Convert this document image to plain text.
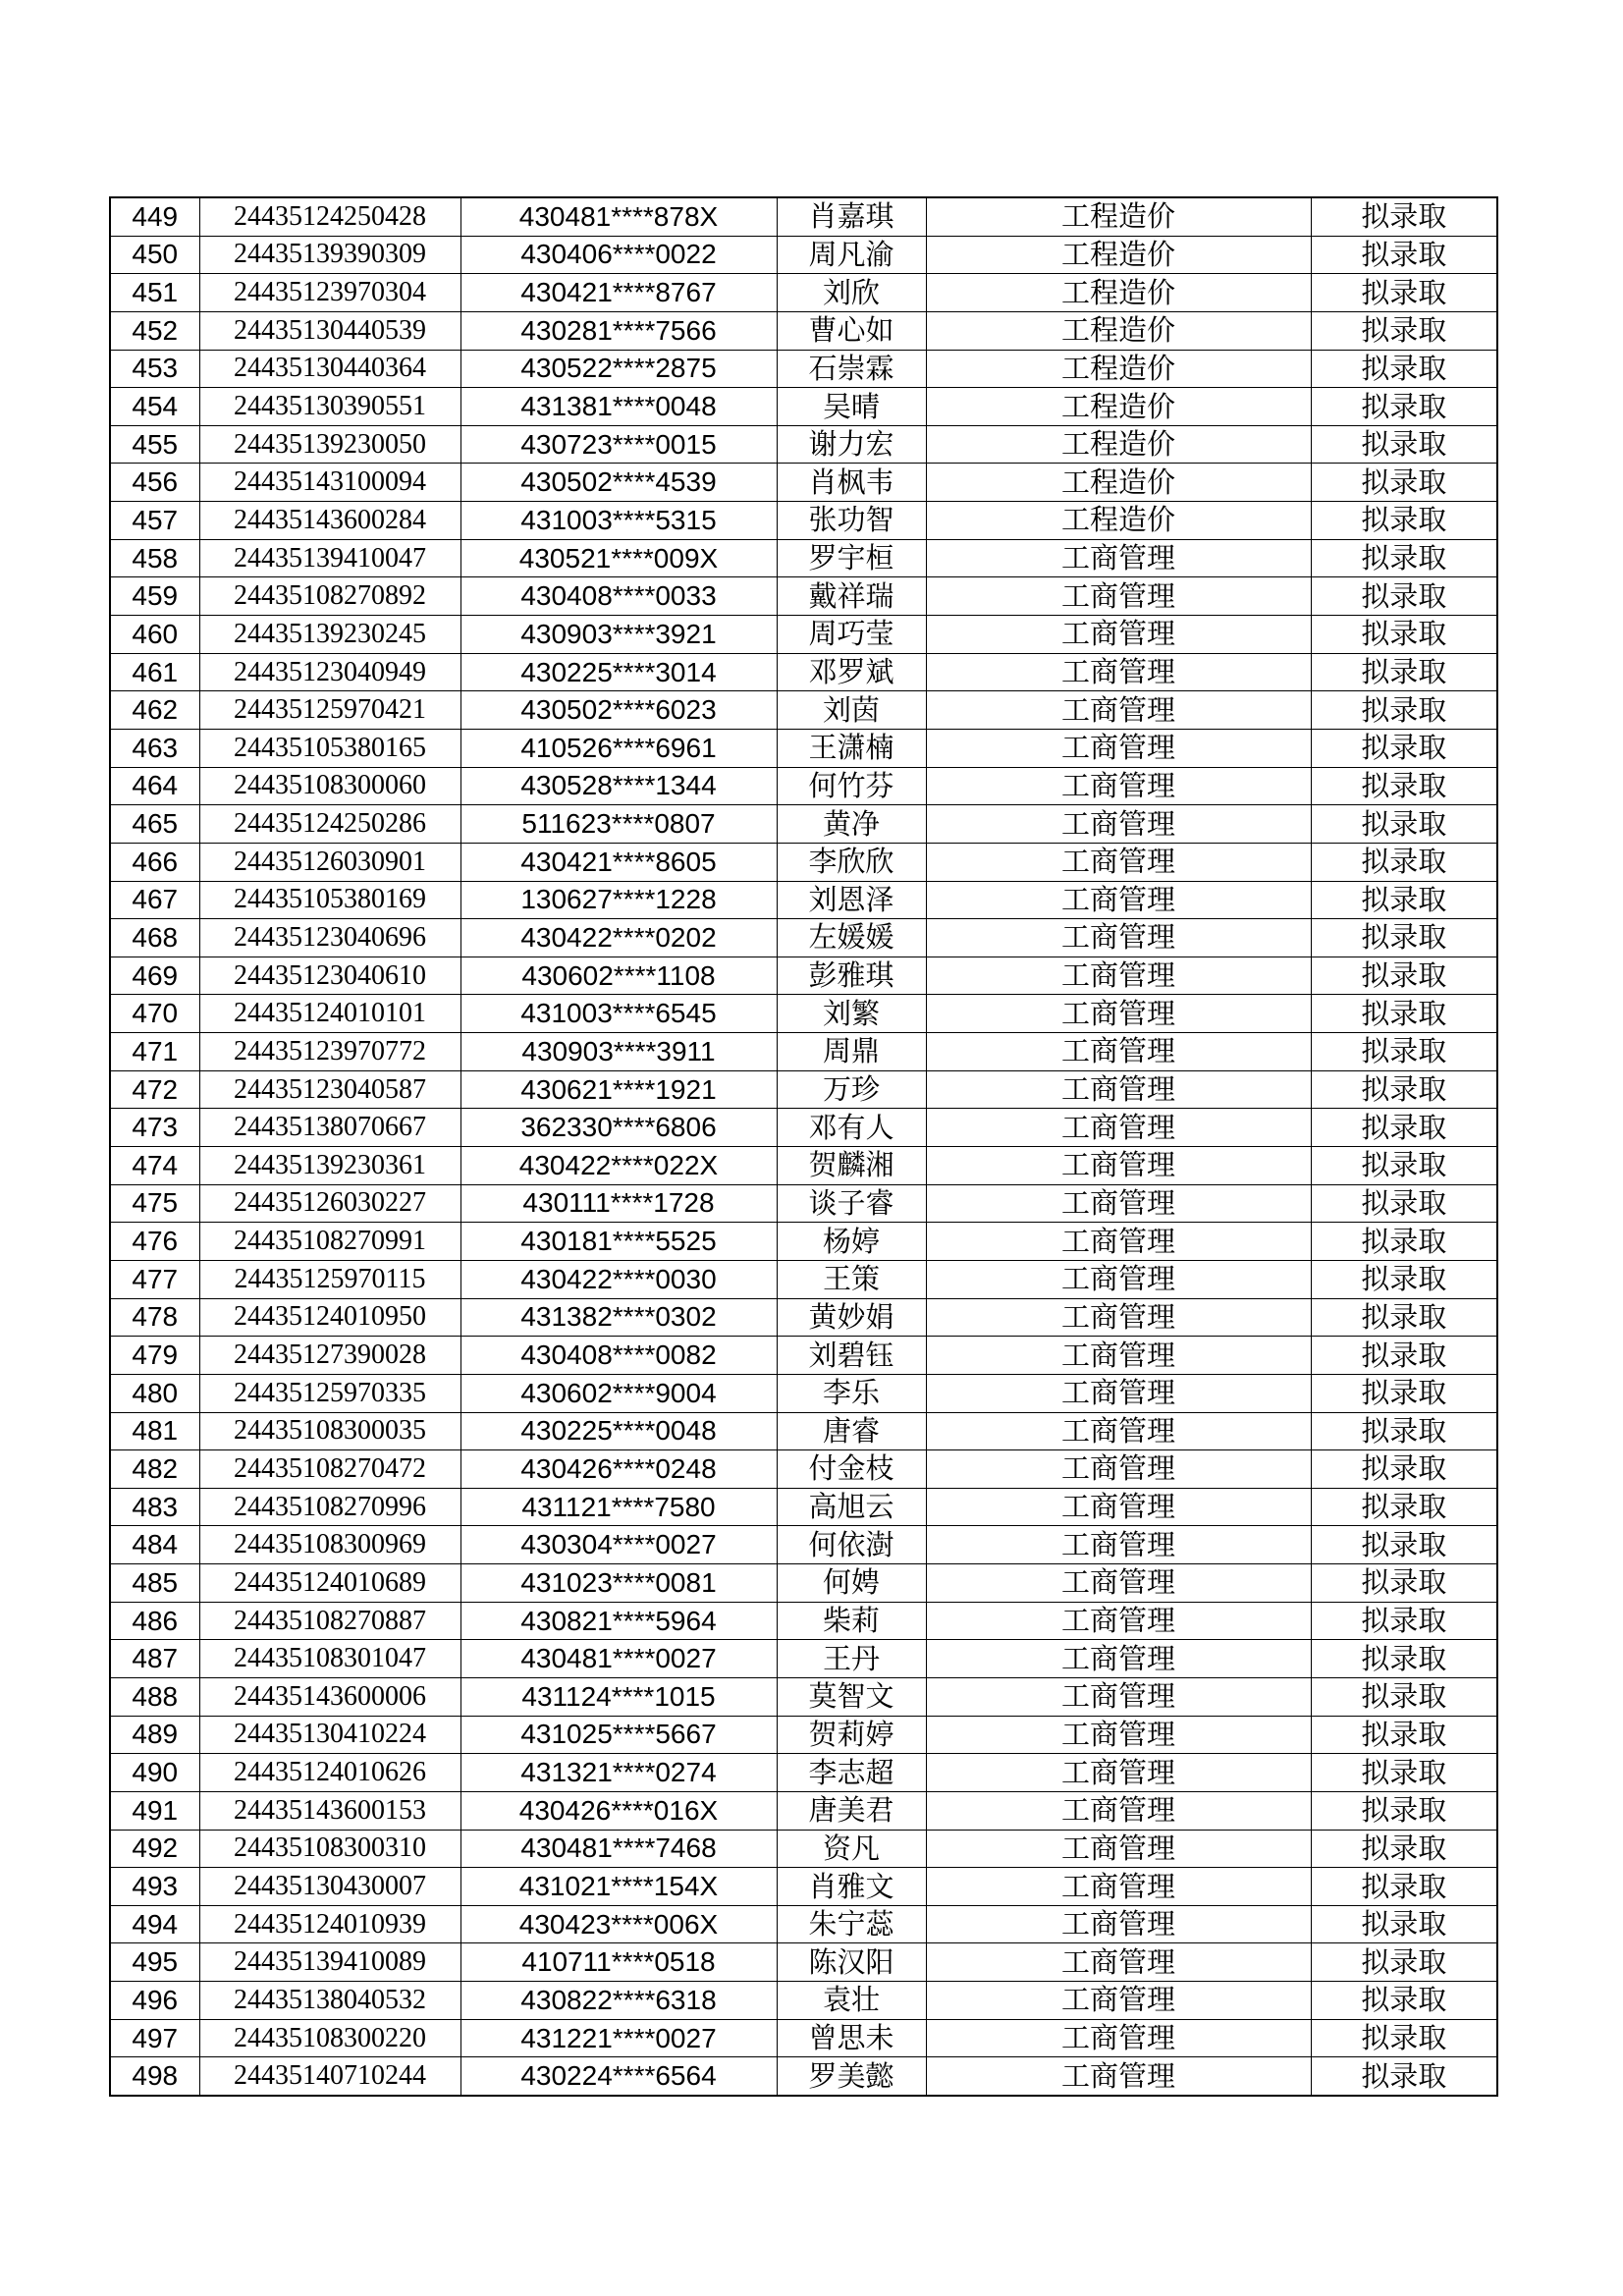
449	24435124250428	430481****878X	肖嘉琪	工程造价	拟录取
450	24435139390309	430406****0022	周凡渝	工程造价	拟录取
451	24435123970304	430421****8767	刘欣	工程造价	拟录取
452	24435130440539	430281****7566	曹心如	工程造价	拟录取
453	24435130440364	430522****2875	石崇霖	工程造价	拟录取
454	24435130390551	431381****0048	吴晴	工程造价	拟录取
455	24435139230050	430723****0015	谢力宏	工程造价	拟录取
456	24435143100094	430502****4539	肖枫韦	工程造价	拟录取
457	24435143600284	431003****5315	张功智	工程造价	拟录取
458	24435139410047	430521****009X	罗宇桓	工商管理	拟录取
459	24435108270892	430408****0033	戴祥瑞	工商管理	拟录取
460	24435139230245	430903****3921	周巧莹	工商管理	拟录取
461	24435123040949	430225****3014	邓罗斌	工商管理	拟录取
462	24435125970421	430502****6023	刘茵	工商管理	拟录取
463	24435105380165	410526****6961	王潇楠	工商管理	拟录取
464	24435108300060	430528****1344	何竹芬	工商管理	拟录取
465	24435124250286	511623****0807	黄净	工商管理	拟录取
466	24435126030901	430421****8605	李欣欣	工商管理	拟录取
467	24435105380169	130627****1228	刘恩泽	工商管理	拟录取
468	24435123040696	430422****0202	左媛媛	工商管理	拟录取
469	24435123040610	430602****1108	彭雅琪	工商管理	拟录取
470	24435124010101	431003****6545	刘繁	工商管理	拟录取
471	24435123970772	430903****3911	周鼎	工商管理	拟录取
472	24435123040587	430621****1921	万珍	工商管理	拟录取
473	24435138070667	362330****6806	邓有人	工商管理	拟录取
474	24435139230361	430422****022X	贺麟湘	工商管理	拟录取
475	24435126030227	430111****1728	谈子睿	工商管理	拟录取
476	24435108270991	430181****5525	杨婷	工商管理	拟录取
477	24435125970115	430422****0030	王策	工商管理	拟录取
478	24435124010950	431382****0302	黄妙娟	工商管理	拟录取
479	24435127390028	430408****0082	刘碧钰	工商管理	拟录取
480	24435125970335	430602****9004	李乐	工商管理	拟录取
481	24435108300035	430225****0048	唐睿	工商管理	拟录取
482	24435108270472	430426****0248	付金枝	工商管理	拟录取
483	24435108270996	431121****7580	高旭云	工商管理	拟录取
484	24435108300969	430304****0027	何依澍	工商管理	拟录取
485	24435124010689	431023****0081	何娉	工商管理	拟录取
486	24435108270887	430821****5964	柴莉	工商管理	拟录取
487	24435108301047	430481****0027	王丹	工商管理	拟录取
488	24435143600006	431124****1015	莫智文	工商管理	拟录取
489	24435130410224	431025****5667	贺莉婷	工商管理	拟录取
490	24435124010626	431321****0274	李志超	工商管理	拟录取
491	24435143600153	430426****016X	唐美君	工商管理	拟录取
492	24435108300310	430481****7468	资凡	工商管理	拟录取
493	24435130430007	431021****154X	肖雅文	工商管理	拟录取
494	24435124010939	430423****006X	朱宁蕊	工商管理	拟录取
495	24435139410089	410711****0518	陈汉阳	工商管理	拟录取
496	24435138040532	430822****6318	袁壮	工商管理	拟录取
497	24435108300220	431221****0027	曾思未	工商管理	拟录取
498	24435140710244	430224****6564	罗美懿	工商管理	拟录取
